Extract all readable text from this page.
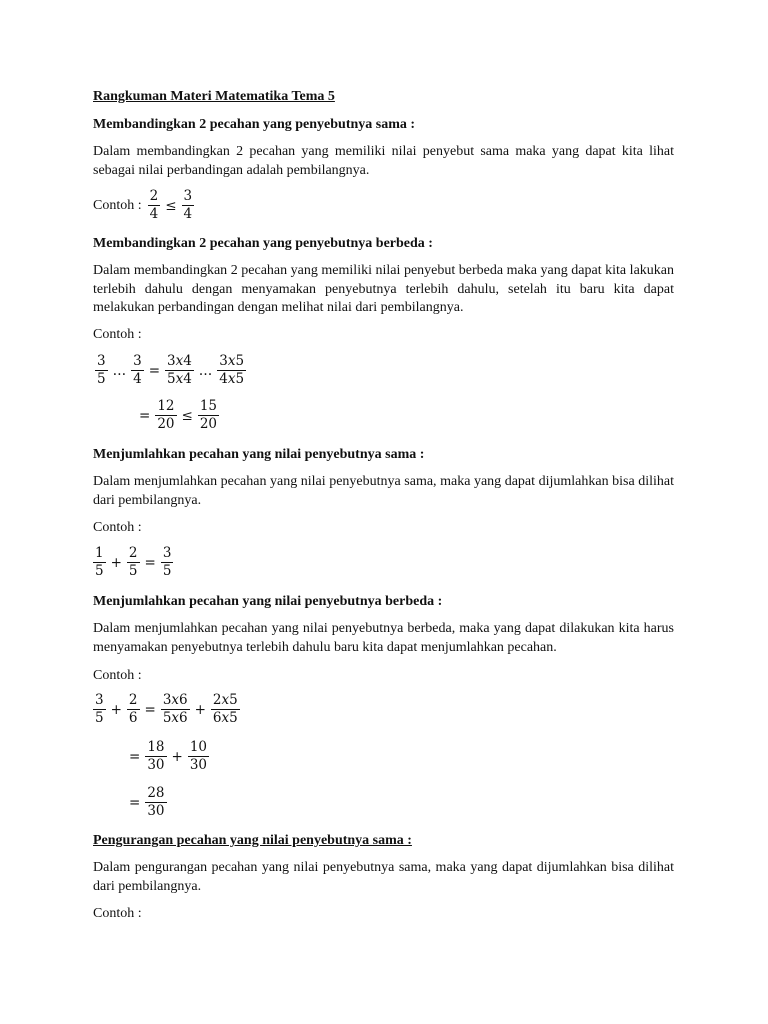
Rangkuman Materi Matematika Tema 5
Membandingkan 2 pecahan yang penyebutnya sama :
Dalam membandingkan 2 pecahan yang memiliki nilai penyebut sama maka yang dapat kita lihat sebagai nilai perbandingan adalah pembilangnya.
Contoh : $\frac{2}{4} \le \frac{3}{4}$
Membandingkan 2 pecahan yang penyebutnya berbeda :
Dalam membandingkan 2 pecahan yang memiliki nilai penyebut berbeda maka yang dapat kita lakukan terlebih dahulu dengan menyamakan penyebutnya terlebih dahulu, setelah itu baru kita dapat melakukan perbandingan dengan melihat nilai dari pembilangnya.
Contoh :
$\frac{3}{5}$ … $\frac{3}{4} = \frac{\text{3𝑥4}}{\text{5𝑥4}}$ … $\frac{\text{3𝑥5}}{\text{4𝑥5}}$
= $\frac{12}{20} \le \frac{15}{20}$
Menjumlahkan pecahan yang nilai penyebutnya sama :
Dalam menjumlahkan pecahan yang nilai penyebutnya sama, maka yang dapat dijumlahkan bisa dilihat dari pembilangnya.
Contoh :
$\frac{1}{5} + \frac{2}{5} = \frac{3}{5}$
Menjumlahkan pecahan yang nilai penyebutnya berbeda :
Dalam menjumlahkan pecahan yang nilai penyebutnya berbeda, maka yang dapat dilakukan kita harus menyamakan penyebutnya terlebih dahulu baru kita dapat menjumlahkan pecahan.
Contoh :
$\frac{3}{5} + \frac{2}{6} = \frac{\text{3𝑥6}}{\text{5𝑥6}} + \frac{\text{2𝑥5}}{\text{6𝑥5}}$
= $\frac{18}{30} + \frac{10}{30}$
= $\frac{28}{30}$
Pengurangan pecahan yang nilai penyebutnya sama :
Dalam pengurangan pecahan yang nilai penyebutnya sama, maka yang dapat dijumlahkan bisa dilihat dari pembilangnya.
Contoh :
